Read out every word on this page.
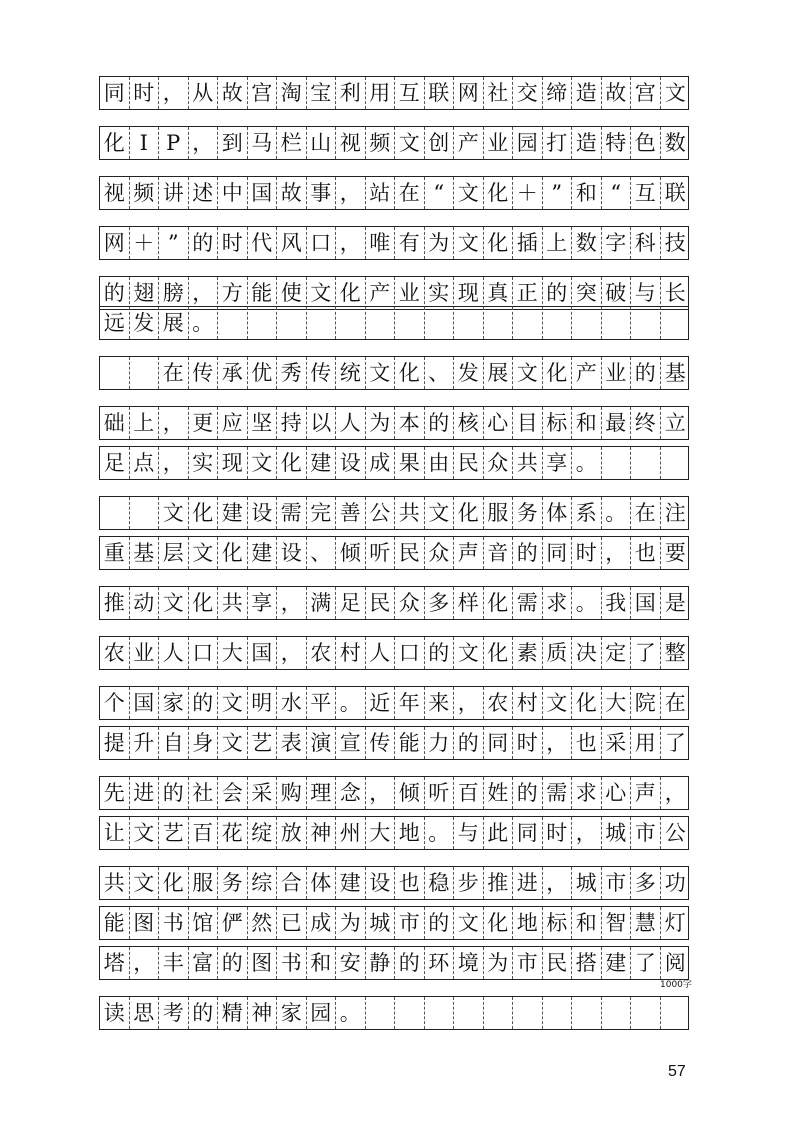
同 时 ， 从 故 宫 淘 宝 利 用 互 联 网 社 交 缔 造 故 宫 文
化 I P ， 到 马 栏 山 视 频 文 创 产 业 园 打 造 特 色 数
视 频 讲 述 中 国 故 事 ， 站 在 “ 文 化 ＋ ” 和 “ 互 联
网 ＋ ” 的 时 代 风 口 ， 唯 有 为 文 化 插 上 数 字 科 技
的 翅 膀 ， 方 能 使 文 化 产 业 实 现 真 正 的 突 破 与 长
远 发 展 。
在 传 承 优 秀 传 统 文 化 、 发 展 文 化 产 业 的 基
础 上 ， 更 应 坚 持 以 人 为 本 的 核 心 目 标 和 最 终 立
足 点 ， 实 现 文 化 建 设 成 果 由 民 众 共 享 。
文 化 建 设 需 完 善 公 共 文 化 服 务 体 系 。 在 注
重 基 层 文 化 建 设 、 倾 听 民 众 声 音 的 同 时 ， 也 要
推 动 文 化 共 享 ， 满 足 民 众 多 样 化 需 求 。 我 国 是
农 业 人 口 大 国 ， 农 村 人 口 的 文 化 素 质 决 定 了 整
个 国 家 的 文 明 水 平 。 近 年 来 ， 农 村 文 化 大 院 在
提 升 自 身 文 艺 表 演 宣 传 能 力 的 同 时 ， 也 采 用 了
先 进 的 社 会 采 购 理 念 ， 倾 听 百 姓 的 需 求 心 声 ，
让 文 艺 百 花 绽 放 神 州 大 地 。 与 此 同 时 ， 城 市 公
共 文 化 服 务 综 合 体 建 设 也 稳 步 推 进 ， 城 市 多 功
能 图 书 馆 俨 然 已 成 为 城 市 的 文 化 地 标 和 智 慧 灯
塔 ， 丰 富 的 图 书 和 安 静 的 环 境 为 市 民 搭 建 了 阅
读 思 考 的 精 神 家 园 。
1000字
57
